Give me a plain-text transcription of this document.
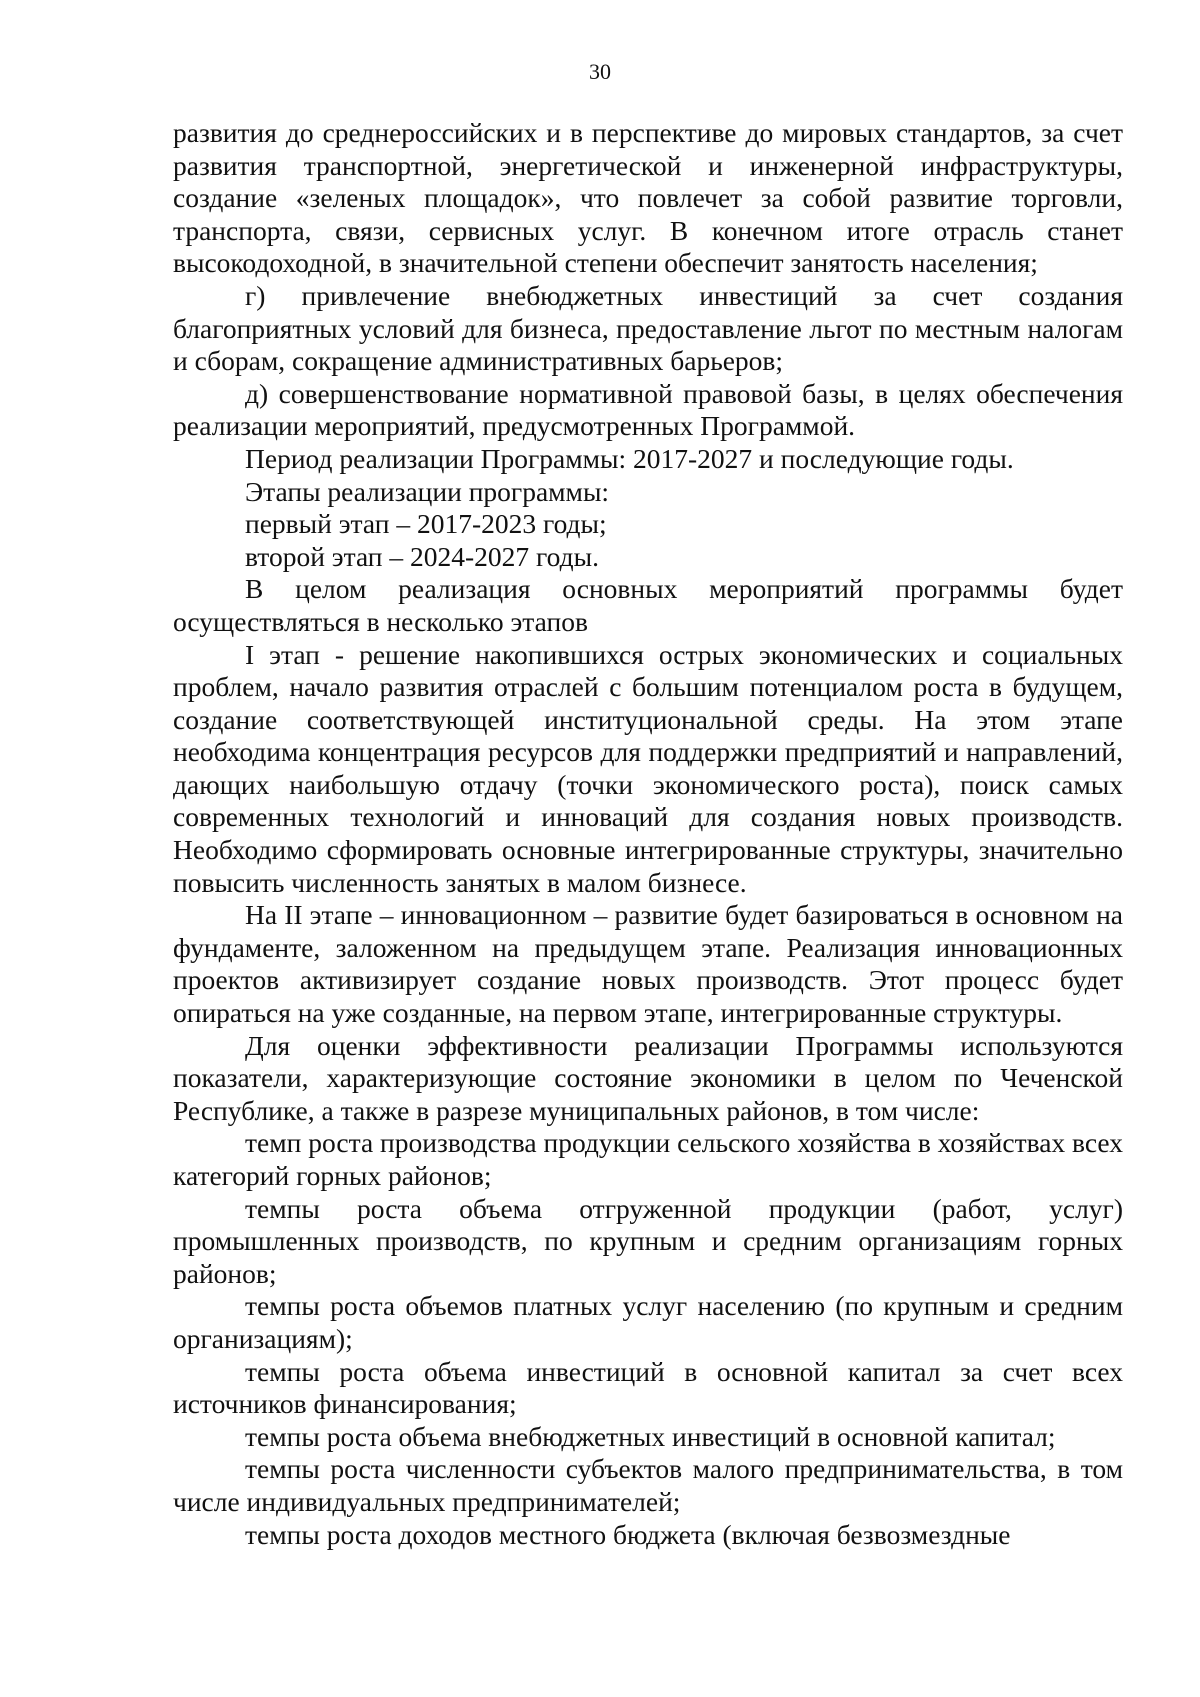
30

развития до среднероссийских и в перспективе до мировых стандартов, за счет развития транспортной, энергетической и инженерной инфраструктуры, создание «зеленых площадок», что повлечет за собой развитие торговли, транспорта, связи, сервисных услуг. В конечном итоге отрасль станет высокодоходной, в значительной степени обеспечит занятость населения;

г) привлечение внебюджетных инвестиций за счет создания благоприятных условий для бизнеса, предоставление льгот по местным налогам и сборам, сокращение административных барьеров;

д) совершенствование нормативной правовой базы, в целях обеспечения реализации мероприятий, предусмотренных Программой.

Период реализации Программы: 2017-2027 и последующие годы.

Этапы реализации программы:

первый этап – 2017-2023 годы;

второй этап – 2024-2027 годы.

В целом реализация основных мероприятий программы будет осуществляться в несколько этапов

I этап - решение накопившихся острых экономических и социальных проблем, начало развития отраслей с большим потенциалом роста в будущем, создание соответствующей институциональной среды. На этом этапе необходима концентрация ресурсов для поддержки предприятий и направлений, дающих наибольшую отдачу (точки экономического роста), поиск самых современных технологий и инноваций для создания новых производств. Необходимо сформировать основные интегрированные структуры, значительно повысить численность занятых в малом бизнесе.

На II этапе – инновационном – развитие будет базироваться в основном на фундаменте, заложенном на предыдущем этапе. Реализация инновационных проектов активизирует создание новых производств. Этот процесс будет опираться на уже созданные, на первом этапе, интегрированные структуры.

Для оценки эффективности реализации Программы используются показатели, характеризующие состояние экономики в целом по Чеченской Республике, а также в разрезе муниципальных районов, в том числе:

темп роста производства продукции сельского хозяйства в хозяйствах всех категорий горных районов;

темпы роста объема отгруженной продукции (работ, услуг) промышленных производств, по крупным и средним организациям горных районов;

темпы роста объемов платных услуг населению (по крупным и средним организациям);

темпы роста объема инвестиций в основной капитал за счет всех источников финансирования;

темпы роста объема внебюджетных инвестиций в основной капитал;

темпы роста численности субъектов малого предпринимательства, в том числе индивидуальных предпринимателей;

темпы роста доходов местного бюджета (включая безвозмездные
